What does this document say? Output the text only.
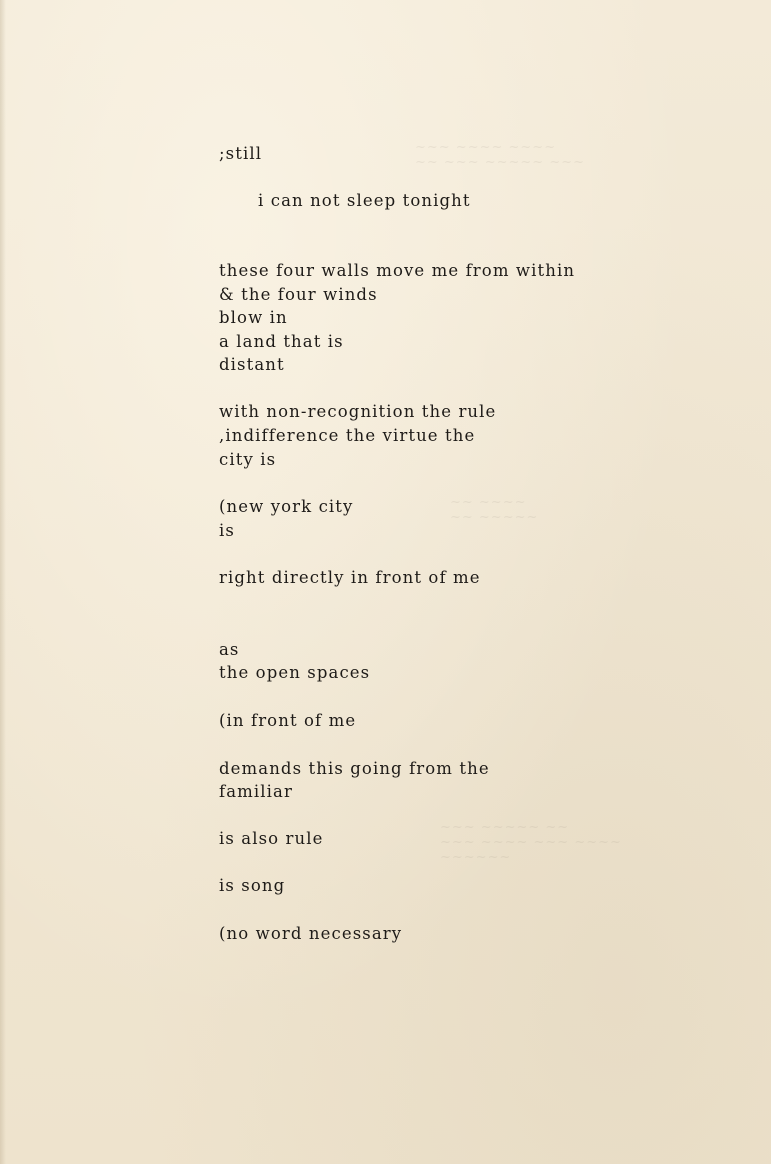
~~~ ~~~~ ~~~~
~~ ~~~ ~~~~~ ~~~
~~ ~~~~
~~ ~~~~~
~~~ ~~~~~ ~~
~~~ ~~~~ ~~~ ~~~~
~~~~~~
;still
i can not sleep tonight
these four walls move me from within
& the four winds
blow in
a land that is
distant
with non-recognition the rule
,indifference the virtue the
city is
(new york city
is
right directly in front of me
as
the open spaces
(in front of me
demands this going from the
familiar
is also rule
is song
(no word necessary
